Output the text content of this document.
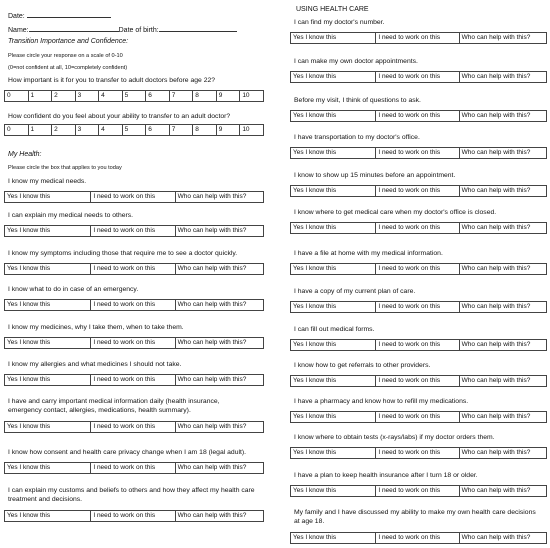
Date:
Name:	Date of birth:
Transition Importance and Confidence:
Please circle your response on a scale of 0-10
(0=not confident at all, 10=completely confident)
How important is it for you to transfer to adult doctors before age 22?
0	1	2	3	4	5	6	7	8	9	10
How confident do you feel about your ability to transfer to an adult doctor?
0	1	2	3	4	5	6	7	8	9	10
My Health:
Please circle the box that applies to you today
I know my medical needs.
Yes I know this	I need to work on this	Who can help with this?
I can explain my medical needs to others.
Yes I know this	I need to work on this	Who can help with this?
I know my symptoms including those that require me to see a doctor quickly.
Yes I know this	I need to work on this	Who can help with this?
I know what to do in case of an emergency.
Yes I know this	I need to work on this	Who can help with this?
I know my medicines, why I take them, when to take them.
Yes I know this	I need to work on this	Who can help with this?
I know my allergies and what medicines I should not take.
Yes I know this	I need to work on this	Who can help with this?
I have and carry important medical information daily (health insurance,
emergency contact, allergies, medications, health summary).
Yes I know this	I need to work on this	Who can help with this?
I know how consent and health care privacy change when I am 18 (legal adult).
Yes I know this	I need to work on this	Who can help with this?
I can explain my customs and beliefs to others and how they affect my health care
treatment and decisions.
Yes I know this	I need to work on this	Who can help with this?
USING HEALTH CARE
I can find my doctor's number.
Yes I know this	I need to work on this	Who can help with this?
I can make my own doctor appointments.
Yes I know this	I need to work on this	Who can help with this?
Before my visit, I think of questions to ask.
Yes I know this	I need to work on this	Who can help with this?
I have transportation to my doctor's office.
Yes I know this	I need to work on this	Who can help with this?
I know to show up 15 minutes before an appointment.
Yes I know this	I need to work on this	Who can help with this?
I know where to get medical care when my doctor's office is closed.
Yes I know this	I need to work on this	Who can help with this?
I have a file at home with my medical information.
Yes I know this	I need to work on this	Who can help with this?
I have a copy of my current plan of care.
Yes I know this	I need to work on this	Who can help with this?
I can fill out medical forms.
Yes I know this	I need to work on this	Who can help with this?
I know how to get referrals to other providers.
Yes I know this	I need to work on this	Who can help with this?
I have a pharmacy and know how to refill my medications.
Yes I know this	I need to work on this	Who can help with this?
I know where to obtain tests (x-rays/labs) if my doctor orders them.
Yes I know this	I need to work on this	Who can help with this?
I have a plan to keep health insurance after I turn 18 or older.
Yes I know this	I need to work on this	Who can help with this?
My family and I have discussed my ability to make my own health care decisions
at age 18.
Yes I know this	I need to work on this	Who can help with this?
